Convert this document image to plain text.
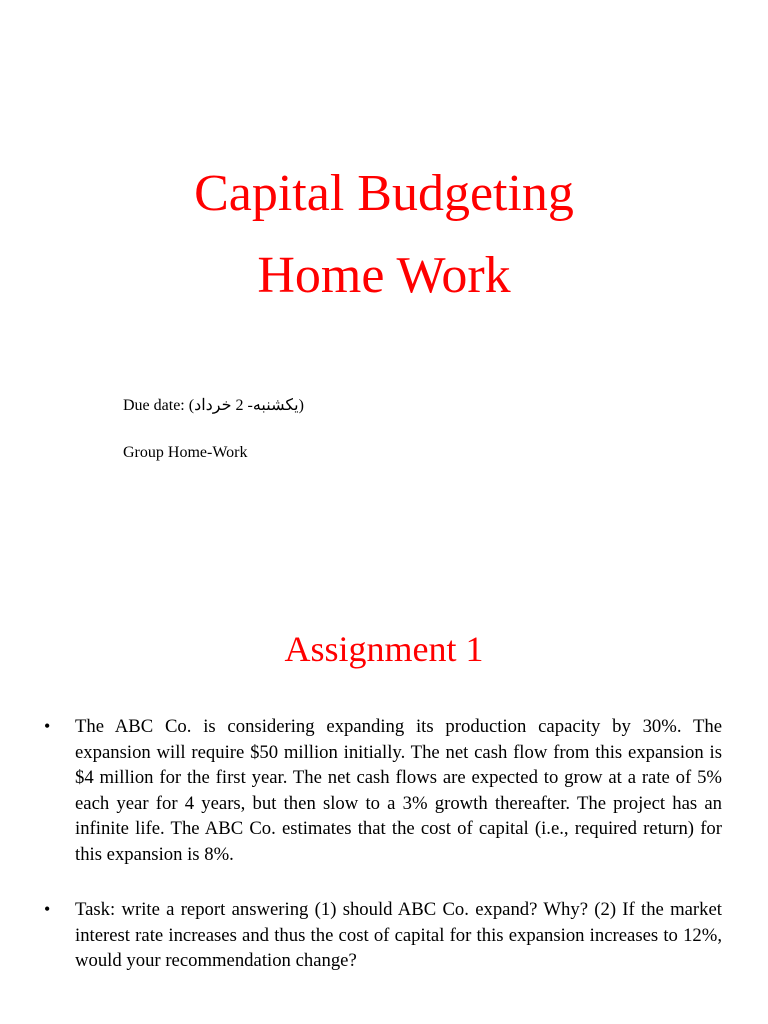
Capital Budgeting
Home Work
Due date: (یکشنبه- 2 خرداد)
Group Home-Work
Assignment 1
• The ABC Co. is considering expanding its production capacity by 30%. The expansion will require $50 million initially. The net cash flow from this expansion is $4 million for the first year. The net cash flows are expected to grow at a rate of 5% each year for 4 years, but then slow to a 3% growth thereafter. The project has an infinite life. The ABC Co. estimates that the cost of capital (i.e., required return) for this expansion is 8%.
• Task: write a report answering (1) should ABC Co. expand? Why? (2) If the market interest rate increases and thus the cost of capital for this expansion increases to 12%, would your recommendation change?
